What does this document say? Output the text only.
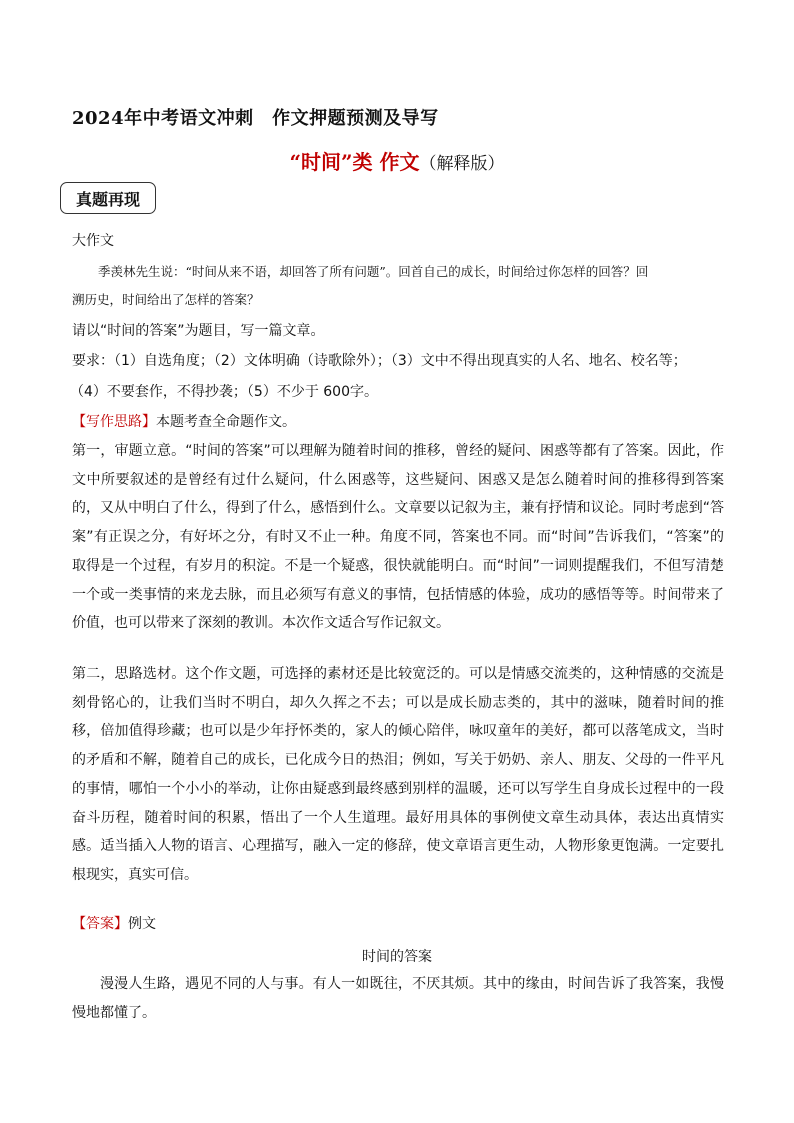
2024年中考语文冲刺　作文押题预测及导写
“时间”类 作文（解释版）
真题再现
大作文
季羡林先生说：“时间从来不语，却回答了所有问题”。回首自己的成长，时间给过你怎样的回答？回
溯历史，时间给出了怎样的答案？
请以“时间的答案”为题目，写一篇文章。
要求：（1）自选角度；（2）文体明确（诗歌除外）；（3）文中不得出现真实的人名、地名、校名等；
（4）不要套作，不得抄袭；（5）不少于 600字。
【写作思路】本题考查全命题作文。
第一，审题立意。“时间的答案”可以理解为随着时间的推移，曾经的疑问、困惑等都有了答案。因此，作文中所要叙述的是曾经有过什么疑问，什么困惑等，这些疑问、困惑又是怎么随着时间的推移得到答案的，又从中明白了什么，得到了什么，感悟到什么。文章要以记叙为主，兼有抒情和议论。同时考虑到“答案”有正误之分，有好坏之分，有时又不止一种。角度不同，答案也不同。而“时间”告诉我们，“答案”的取得是一个过程，有岁月的积淀。不是一个疑惑，很快就能明白。而“时间”一词则提醒我们，不但写清楚一个或一类事情的来龙去脉，而且必须写有意义的事情，包括情感的体验，成功的感悟等等。时间带来了价值，也可以带来了深刻的教训。本次作文适合写作记叙文。
第二，思路选材。这个作文题，可选择的素材还是比较宽泛的。可以是情感交流类的，这种情感的交流是刻骨铭心的，让我们当时不明白，却久久挥之不去；可以是成长励志类的，其中的滋味，随着时间的推移，倍加值得珍藏；也可以是少年抒怀类的，家人的倾心陪伴，咏叹童年的美好，都可以落笔成文，当时的矛盾和不解，随着自己的成长，已化成今日的热泪；例如，写关于奶奶、亲人、朋友、父母的一件平凡的事情，哪怕一个小小的举动，让你由疑惑到最终感到别样的温暖，还可以写学生自身成长过程中的一段奋斗历程，随着时间的积累，悟出了一个人生道理。最好用具体的事例使文章生动具体，表达出真情实感。适当插入人物的语言、心理描写，融入一定的修辞，使文章语言更生动，人物形象更饱满。一定要扎根现实，真实可信。
【答案】例文
时间的答案
漫漫人生路，遇见不同的人与事。有人一如既往，不厌其烦。其中的缘由，时间告诉了我答案，我慢慢地都懂了。
